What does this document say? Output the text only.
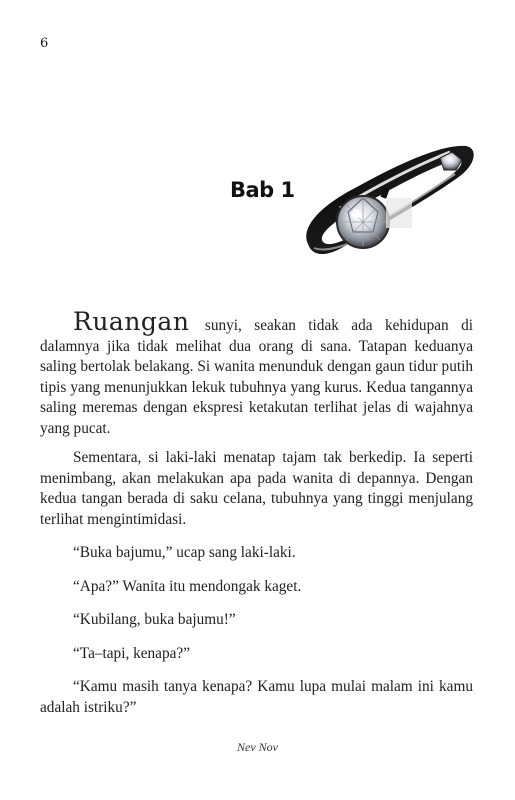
6
Bab 1

Ruangan sunyi, seakan tidak ada kehidupan di dalamnya jika tidak melihat dua orang di sana. Tatapan keduanya saling bertolak belakang. Si wanita menunduk dengan gaun tidur putih tipis yang menunjukkan lekuk tubuhnya yang kurus. Kedua tangannya saling meremas dengan ekspresi ketakutan terlihat jelas di wajahnya yang pucat.

Sementara, si laki-laki menatap tajam tak berkedip. Ia seperti menimbang, akan melakukan apa pada wanita di depannya. Dengan kedua tangan berada di saku celana, tubuhnya yang tinggi menjulang terlihat mengintimidasi.

“Buka bajumu,” ucap sang laki-laki.

“Apa?” Wanita itu mendongak kaget.

“Kubilang, buka bajumu!”

“Ta–tapi, kenapa?”

“Kamu masih tanya kenapa? Kamu lupa mulai malam ini kamu adalah istriku?”

Nev Nov
